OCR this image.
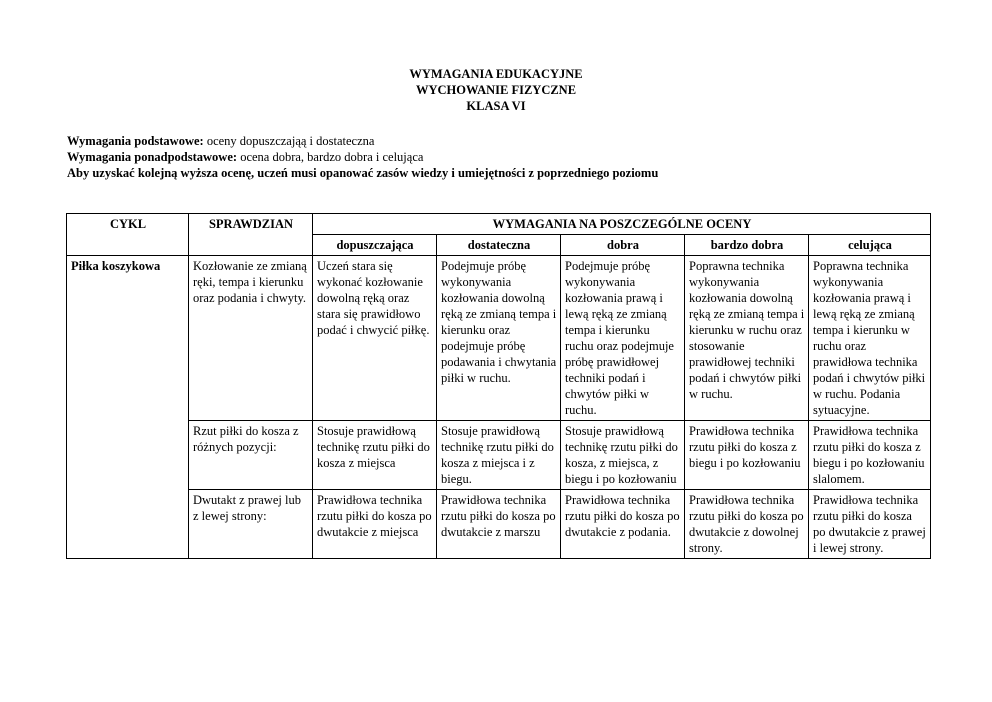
WYMAGANIA EDUKACYJNE
WYCHOWANIE FIZYCZNE
KLASA VI
Wymagania podstawowe: oceny dopuszczająą i dostateczna
Wymagania ponadpodstawowe: ocena dobra, bardzo dobra i celująca
Aby uzyskać kolejną wyższa ocenę, uczeń musi opanować zasów wiedzy i umiejętności z poprzedniego poziomu
CYKL	SPRAWDZIAN	WYMAGANIA NA POSZCZEGÓLNE OCENY				
		dopuszczająca	dostateczna	dobra	bardzo dobra	celująca
Piłka koszykowa	Kozłowanie ze zmianą ręki, tempa i kierunku oraz podania i chwyty.	Uczeń stara się wykonać kozłowanie dowolną ręką oraz stara się prawidłowo podać i chwycić piłkę.	Podejmuje próbę wykonywania kozłowania dowolną ręką ze zmianą tempa i kierunku oraz podejmuje próbę podawania i chwytania piłki w ruchu.	Podejmuje próbę wykonywania kozłowania prawą i lewą ręką ze zmianą tempa i kierunku ruchu oraz podejmuje próbę prawidłowej techniki podań i chwytów piłki w ruchu.	Poprawna technika wykonywania kozłowania dowolną ręką ze zmianą tempa i kierunku w ruchu oraz stosowanie prawidłowej techniki podań i chwytów piłki w ruchu.	Poprawna technika wykonywania kozłowania prawą i lewą ręką ze zmianą tempa i kierunku w ruchu oraz prawidłowa technika podań i chwytów piłki w ruchu. Podania sytuacyjne.
	Rzut piłki do kosza z różnych pozycji:	Stosuje prawidłową technikę rzutu piłki do kosza z miejsca	Stosuje prawidłową technikę rzutu piłki do kosza z miejsca i z biegu.	Stosuje prawidłową technikę rzutu piłki do kosza, z miejsca, z biegu i po kozłowaniu	Prawidłowa technika rzutu piłki do kosza z biegu i po kozłowaniu	Prawidłowa technika rzutu piłki do kosza z biegu i po kozłowaniu slalomem.
	Dwutakt z prawej lub z lewej strony:	Prawidłowa technika rzutu piłki do kosza po dwutakcie z miejsca	Prawidłowa technika rzutu piłki do kosza po dwutakcie z marszu	Prawidłowa technika rzutu piłki do kosza po dwutakcie z podania.	Prawidłowa technika rzutu piłki do kosza po dwutakcie z dowolnej strony.	Prawidłowa technika rzutu piłki do kosza po dwutakcie z prawej i lewej strony.
